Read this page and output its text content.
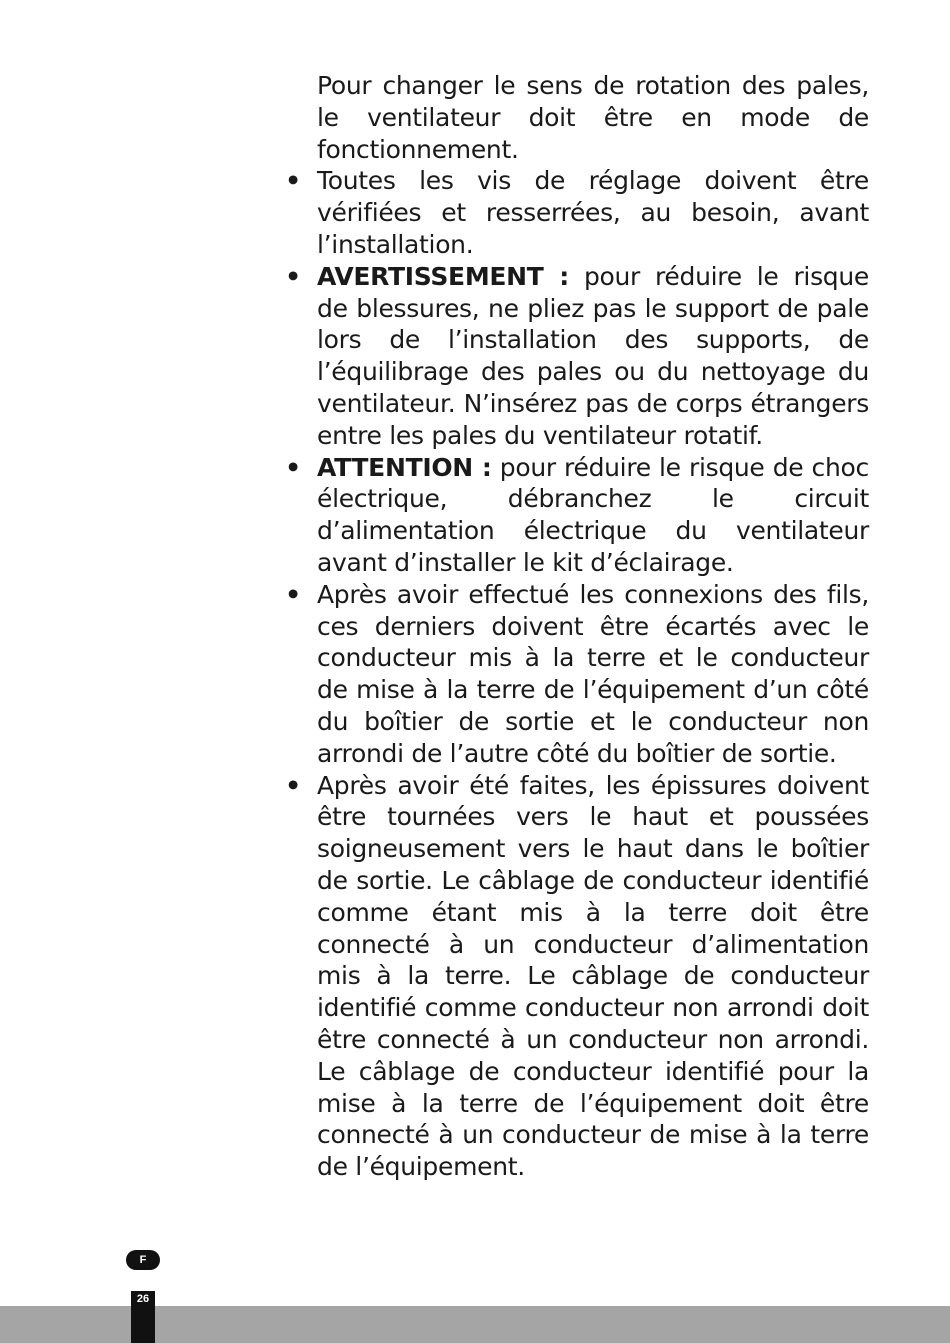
Pour changer le sens de rotation des pales, le ventilateur doit être en mode de fonctionnement.

• Toutes les vis de réglage doivent être vérifiées et resserrées, au besoin, avant l’installation.
• AVERTISSEMENT : pour réduire le risque de blessures, ne pliez pas le support de pale lors de l’installation des supports, de l’équilibrage des pales ou du nettoyage du ventilateur. N’insérez pas de corps étrangers entre les pales du ventilateur rotatif.
• ATTENTION : pour réduire le risque de choc électrique, débranchez le circuit d’alimentation électrique du ventilateur avant d’installer le kit d’éclairage.
• Après avoir effectué les connexions des fils, ces derniers doivent être écartés avec le conducteur mis à la terre et le conducteur de mise à la terre de l’équipement d’un côté du boîtier de sortie et le conducteur non arrondi de l’autre côté du boîtier de sortie.
• Après avoir été faites, les épissures doivent être tournées vers le haut et poussées soigneusement vers le haut dans le boîtier de sortie. Le câblage de conducteur identifié comme étant mis à la terre doit être connecté à un conducteur d’alimentation mis à la terre. Le câblage de conducteur identifié comme conducteur non arrondi doit être connecté à un conducteur non arrondi. Le câblage de conducteur identifié pour la mise à la terre de l’équipement doit être connecté à un conducteur de mise à la terre de l’équipement.
F
26
